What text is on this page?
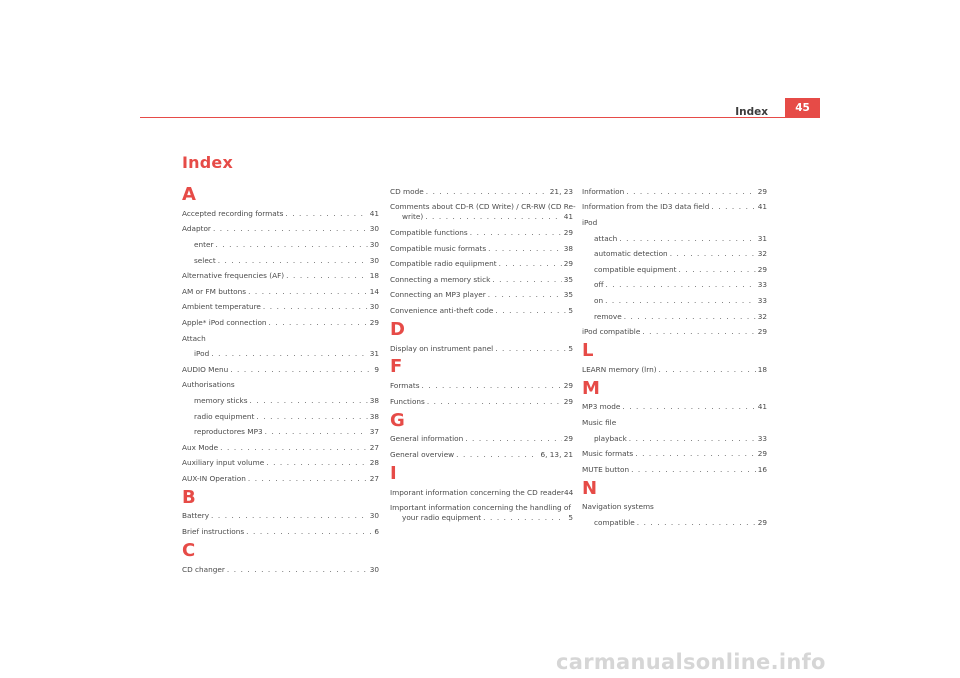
Index	45
Index
A
Accepted recording formats . . .	41
Adaptor . . .	30
enter . . .	30
select . . .	30
Alternative frequencies (AF) . . .	18
AM or FM buttons . . .	14
Ambient temperature . . .	30
Apple* iPod connection . . .	29
Attach
iPod . . .	31
AUDIO Menu . . .	9
Authorisations
memory sticks . . .	38
radio equipment . . .	38
reproductores MP3 . . .	37
Aux Mode . . .	27
Auxiliary input volume . . .	28
AUX-IN Operation . . .	27
B
Battery . . .	30
Brief instructions . . .	6
C
CD changer . . .	30
CD mode . . .	21, 23
Comments about CD-R (CD Write) / CR-RW (CD Re-
write) . . .	41
Compatible functions . . .	29
Compatible music formats . . .	38
Compatible radio equiipment . . .	29
Connecting a memory stick . . .	35
Connecting an MP3 player . . .	35
Convenience anti-theft code . . .	5
D
Display on instrument panel . . .	5
F
Formats . . .	29
Functions . . .	29
G
General information . . .	29
General overview . . .	6, 13, 21
I
Imporant information concerning the CD reader 44
Important information concerning the handling of
your radio equipment . . .	5
Information . . .	29
Information from the ID3 data field . . .	41
iPod
attach . . .	31
automatic detection . . .	32
compatible equipment . . .	29
off . . .	33
on . . .	33
remove . . .	32
iPod compatible . . .	29
L
LEARN memory (lrn) . . .	18
M
MP3 mode . . .	41
Music file
playback . . .	33
Music formats . . .	29
MUTE button . . .	16
N
Navigation systems
compatible . . .	29
carmanualsonline.info
